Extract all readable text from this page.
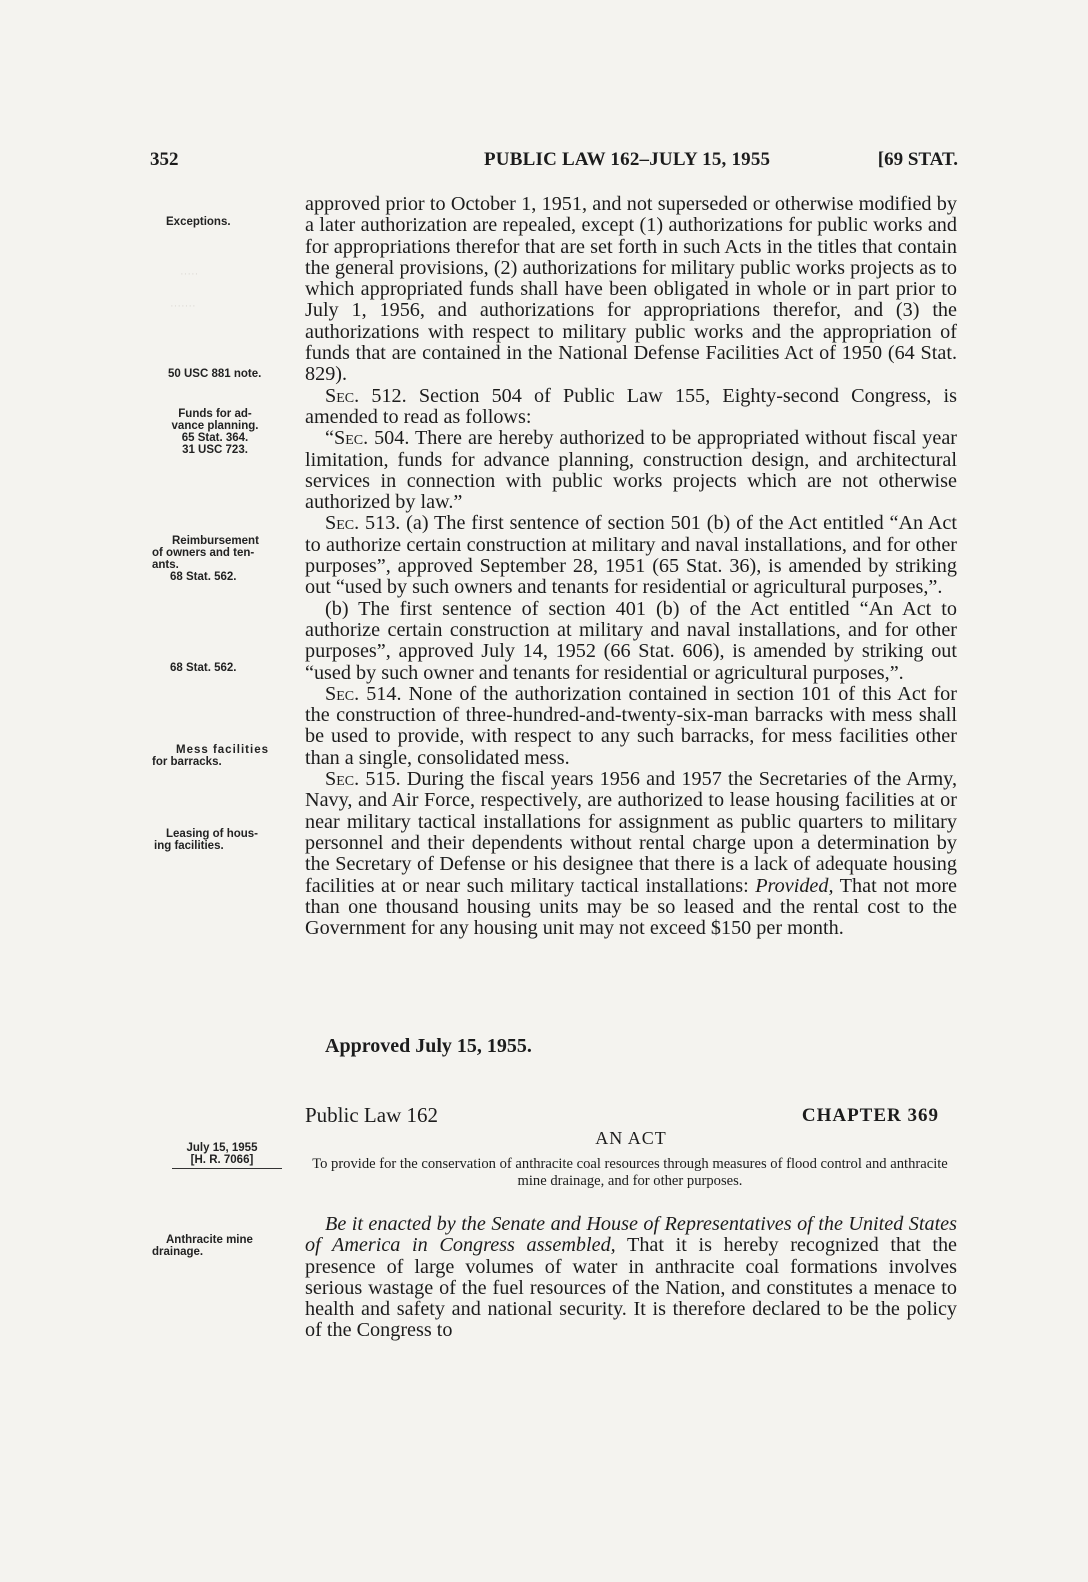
·····
·······
352	PUBLIC LAW 162–JULY 15, 1955	[69 STAT.
Exceptions.
50 USC 881 note.
Funds for ad-
vance planning.
65 Stat. 364.
31 USC 723.
Reimbursement
of owners and ten-
ants.
68 Stat. 562.
68 Stat. 562.
Mess facilities
for barracks.
Leasing of hous-
ing facilities.
July 15, 1955
[H. R. 7066]
Anthracite mine
drainage.

approved prior to October 1, 1951, and not superseded or otherwise modified by a later authorization are repealed, except (1) authorizations for public works and for appropriations therefor that are set forth in such Acts in the titles that contain the general provisions, (2) authorizations for military public works projects as to which appropriated funds shall have been obligated in whole or in part prior to July 1, 1956, and authorizations for appropriations therefor, and (3) the authorizations with respect to military public works and the appropriation of funds that are contained in the National Defense Facilities Act of 1950 (64 Stat. 829).

Sec. 512. Section 504 of Public Law 155, Eighty-second Congress, is amended to read as follows:

“Sec. 504. There are hereby authorized to be appropriated without fiscal year limitation, funds for advance planning, construction design, and architectural services in connection with public works projects which are not otherwise authorized by law.”

Sec. 513. (a) The first sentence of section 501 (b) of the Act entitled “An Act to authorize certain construction at military and naval installations, and for other purposes”, approved September 28, 1951 (65 Stat. 36), is amended by striking out “used by such owners and tenants for residential or agricultural purposes,”.

(b) The first sentence of section 401 (b) of the Act entitled “An Act to authorize certain construction at military and naval installations, and for other purposes”, approved July 14, 1952 (66 Stat. 606), is amended by striking out “used by such owner and tenants for residential or agricultural purposes,”.

Sec. 514. None of the authorization contained in section 101 of this Act for the construction of three-hundred-and-twenty-six-man barracks with mess shall be used to provide, with respect to any such barracks, for mess facilities other than a single, consolidated mess.

Sec. 515. During the fiscal years 1956 and 1957 the Secretaries of the Army, Navy, and Air Force, respectively, are authorized to lease housing facilities at or near military tactical installations for assignment as public quarters to military personnel and their dependents without rental charge upon a determination by the Secretary of Defense or his designee that there is a lack of adequate housing facilities at or near such military tactical installations: Provided, That not more than one thousand housing units may be so leased and the rental cost to the Government for any housing unit may not exceed $150 per month.

Approved July 15, 1955.
Public Law 162	CHAPTER 369
AN ACT
To provide for the conservation of anthracite coal resources through measures of flood control and anthracite mine drainage, and for other purposes.

Be it enacted by the Senate and House of Representatives of the United States of America in Congress assembled, That it is hereby recognized that the presence of large volumes of water in anthracite coal formations involves serious wastage of the fuel resources of the Nation, and constitutes a menace to health and safety and national security. It is therefore declared to be the policy of the Congress to
